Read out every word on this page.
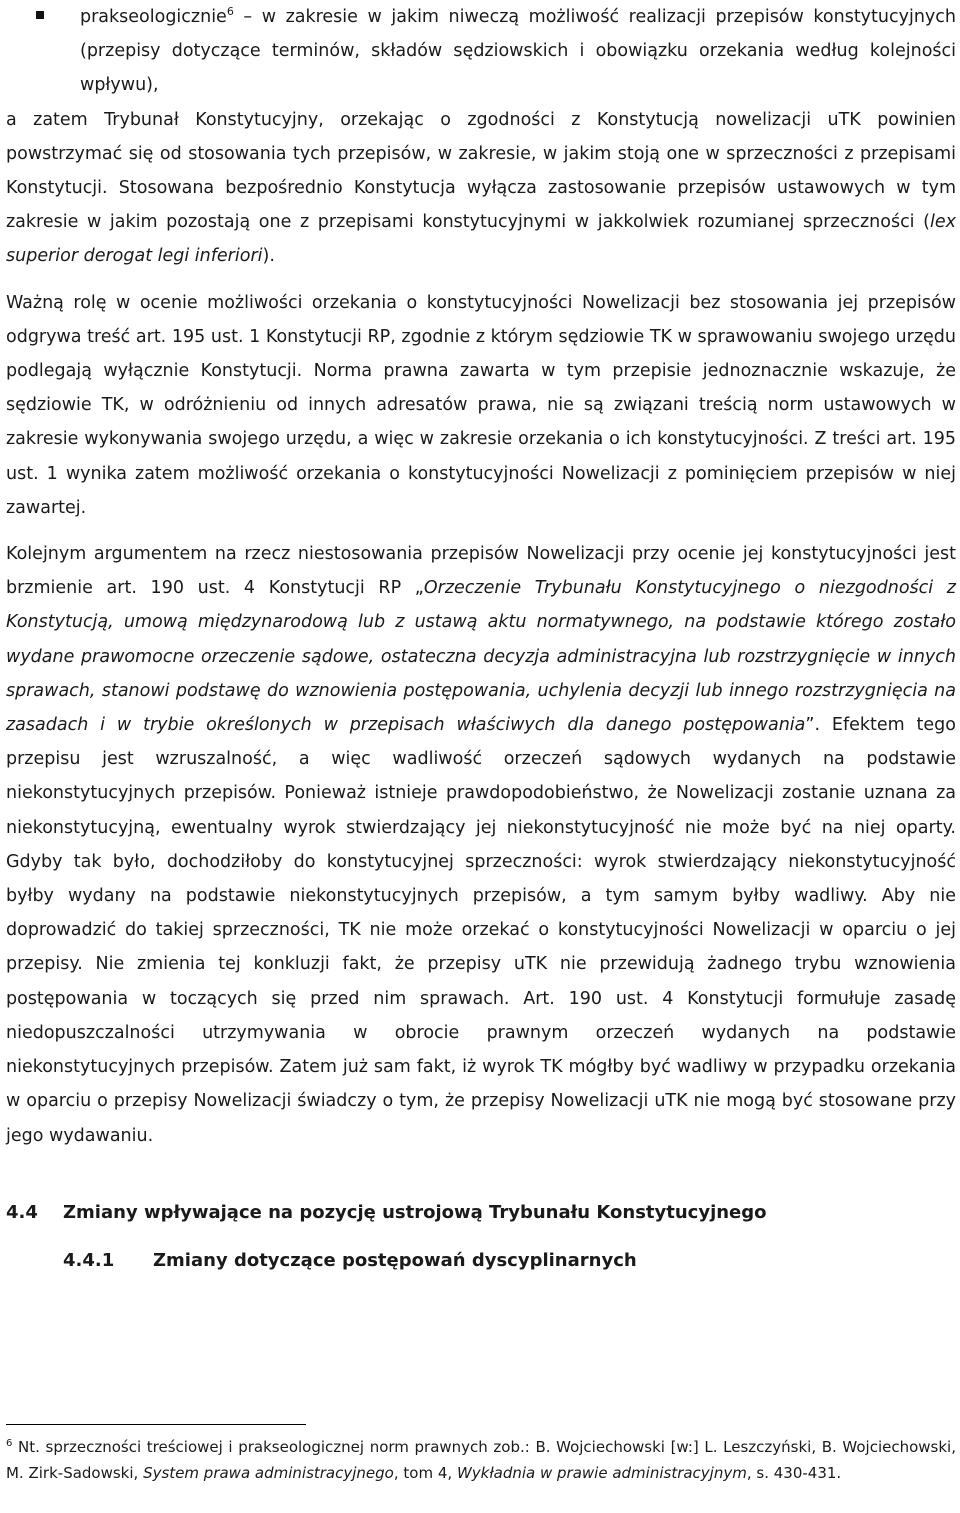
prakseologicznie$^6$ – w zakresie w jakim niweczą możliwość realizacji przepisów konstytucyjnych (przepisy dotyczące terminów, składów sędziowskich i obowiązku orzekania według kolejności wpływu),

a zatem Trybunał Konstytucyjny, orzekając o zgodności z Konstytucją nowelizacji uTK powinien powstrzymać się od stosowania tych przepisów, w zakresie, w jakim stoją one w sprzeczności z przepisami Konstytucji. Stosowana bezpośrednio Konstytucja wyłącza zastosowanie przepisów ustawowych w tym zakresie w jakim pozostają one z przepisami konstytucyjnymi w jakkolwiek rozumianej sprzeczności (lex superior derogat legi inferiori).

Ważną rolę w ocenie możliwości orzekania o konstytucyjności Nowelizacji bez stosowania jej przepisów odgrywa treść art. 195 ust. 1 Konstytucji RP, zgodnie z którym sędziowie TK w sprawowaniu swojego urzędu podlegają wyłącznie Konstytucji. Norma prawna zawarta w tym przepisie jednoznacznie wskazuje, że sędziowie TK, w odróżnieniu od innych adresatów prawa, nie są związani treścią norm ustawowych w zakresie wykonywania swojego urzędu, a więc w zakresie orzekania o ich konstytucyjności. Z treści art. 195 ust. 1 wynika zatem możliwość orzekania o konstytucyjności Nowelizacji z pominięciem przepisów w niej zawartej.

Kolejnym argumentem na rzecz niestosowania przepisów Nowelizacji przy ocenie jej konstytucyjności jest brzmienie art. 190 ust. 4 Konstytucji RP „Orzeczenie Trybunału Konstytucyjnego o niezgodności z Konstytucją, umową międzynarodową lub z ustawą aktu normatywnego, na podstawie którego zostało wydane prawomocne orzeczenie sądowe, ostateczna decyzja administracyjna lub rozstrzygnięcie w innych sprawach, stanowi podstawę do wznowienia postępowania, uchylenia decyzji lub innego rozstrzygnięcia na zasadach i w trybie określonych w przepisach właściwych dla danego postępowania”. Efektem tego przepisu jest wzruszalność, a więc wadliwość orzeczeń sądowych wydanych na podstawie niekonstytucyjnych przepisów. Ponieważ istnieje prawdopodobieństwo, że Nowelizacji zostanie uznana za niekonstytucyjną, ewentualny wyrok stwierdzający jej niekonstytucyjność nie może być na niej oparty. Gdyby tak było, dochodziłoby do konstytucyjnej sprzeczności: wyrok stwierdzający niekonstytucyjność byłby wydany na podstawie niekonstytucyjnych przepisów, a tym samym byłby wadliwy. Aby nie doprowadzić do takiej sprzeczności, TK nie może orzekać o konstytucyjności Nowelizacji w oparciu o jej przepisy. Nie zmienia tej konkluzji fakt, że przepisy uTK nie przewidują żadnego trybu wznowienia postępowania w toczących się przed nim sprawach. Art. 190 ust. 4 Konstytucji formułuje zasadę niedopuszczalności utrzymywania w obrocie prawnym orzeczeń wydanych na podstawie niekonstytucyjnych przepisów. Zatem już sam fakt, iż wyrok TK mógłby być wadliwy w przypadku orzekania w oparciu o przepisy Nowelizacji świadczy o tym, że przepisy Nowelizacji uTK nie mogą być stosowane przy jego wydawaniu.

4.4	Zmiany wpływające na pozycję ustrojową Trybunału Konstytucyjnego
4.4.1	Zmiany dotyczące postępowań dyscyplinarnych
$^6$ Nt. sprzeczności treściowej i prakseologicznej norm prawnych zob.: B. Wojciechowski [w:] L. Leszczyński, B. Wojciechowski, M. Zirk-Sadowski, System prawa administracyjnego, tom 4, Wykładnia w prawie administracyjnym, s. 430-431.
